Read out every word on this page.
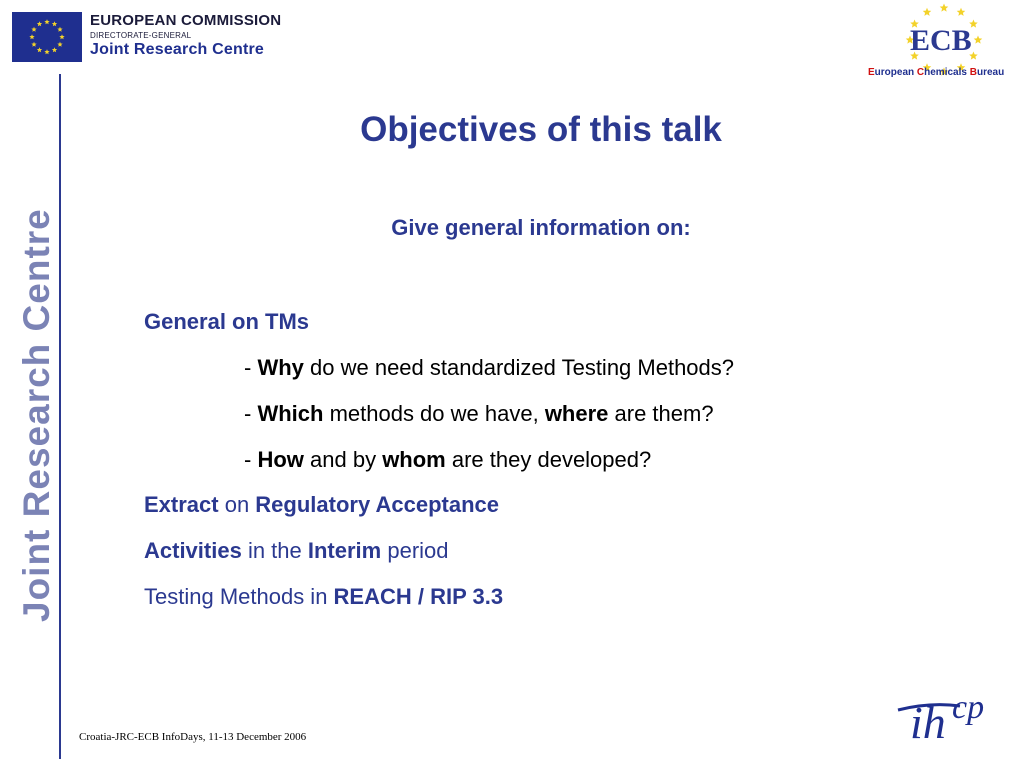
EUROPEAN COMMISSION
DIRECTORATE-GENERAL
Joint Research Centre	ECB
European Chemicals Bureau
Joint Research Centre
Objectives of this talk
Give general information on:
General on TMs
- Why do we need standardized Testing Methods?
- Which methods do we have, where are them?
- How and by whom are they developed?
Extract on Regulatory Acceptance
Activities in the Interim period
Testing Methods in REACH / RIP 3.3
Croatia-JRC-ECB InfoDays, 11-13 December 2006	ih cp
